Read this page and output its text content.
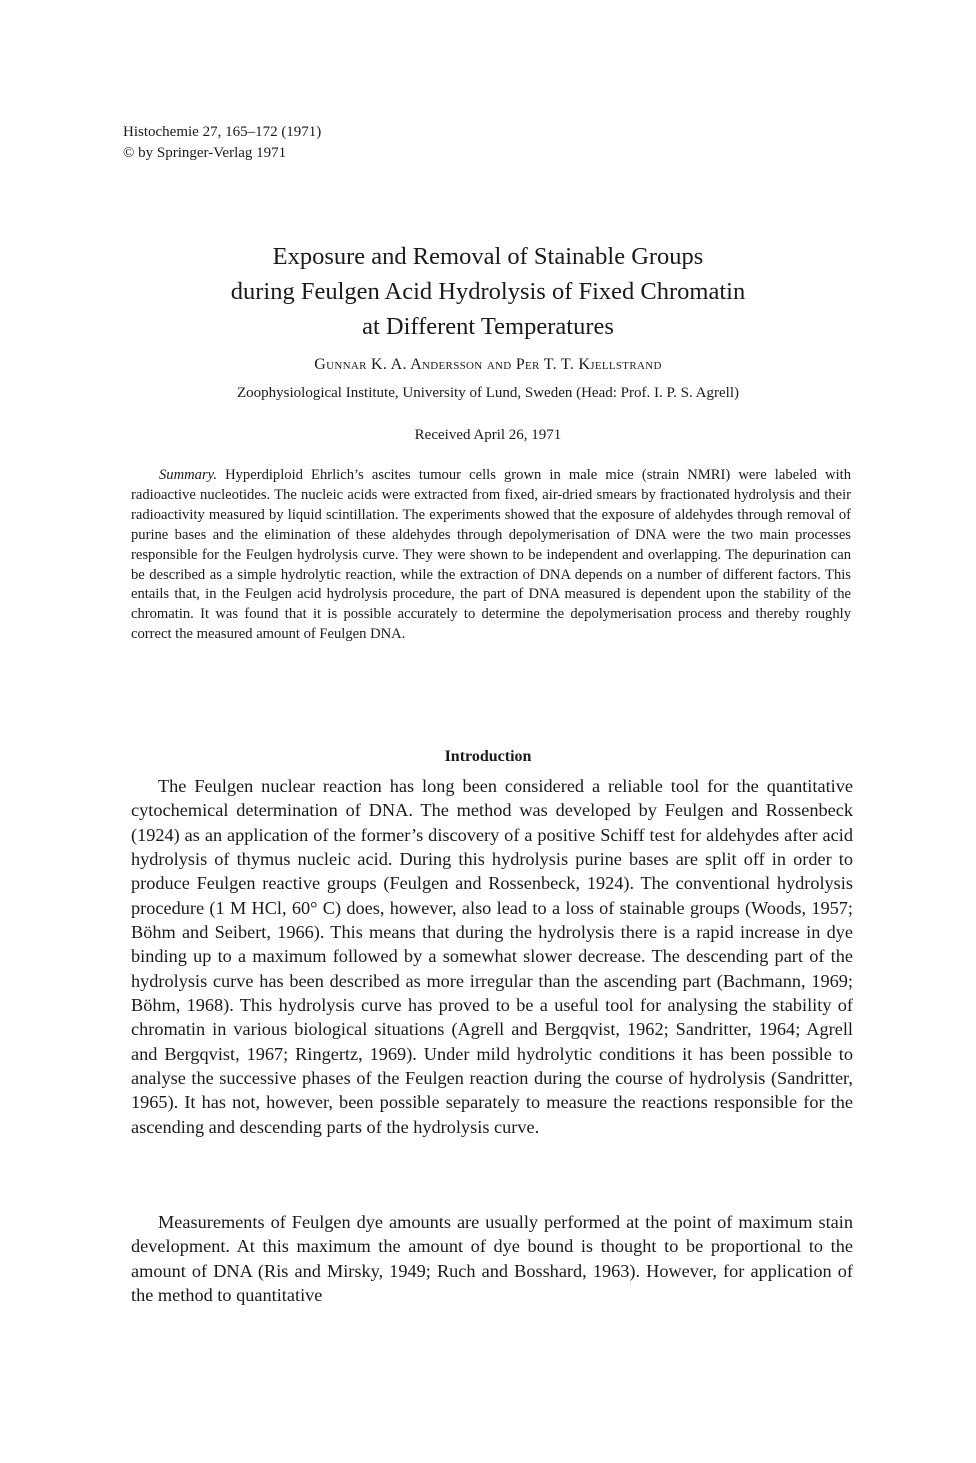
Histochemie 27, 165–172 (1971)
© by Springer-Verlag 1971
Exposure and Removal of Stainable Groups
during Feulgen Acid Hydrolysis of Fixed Chromatin
at Different Temperatures
Gunnar K. A. Andersson and Per T. T. Kjellstrand
Zoophysiological Institute, University of Lund, Sweden (Head: Prof. I. P. S. Agrell)
Received April 26, 1971

Summary. Hyperdiploid Ehrlich’s ascites tumour cells grown in male mice (strain NMRI) were labeled with radioactive nucleotides. The nucleic acids were extracted from fixed, air-dried smears by fractionated hydrolysis and their radioactivity measured by liquid scintillation. The experiments showed that the exposure of aldehydes through removal of purine bases and the elimination of these aldehydes through depolymerisation of DNA were the two main processes responsible for the Feulgen hydrolysis curve. They were shown to be independent and overlapping. The depurination can be described as a simple hydrolytic reaction, while the extraction of DNA depends on a number of different factors. This entails that, in the Feulgen acid hydrolysis procedure, the part of DNA measured is dependent upon the stability of the chromatin. It was found that it is possible accurately to determine the depolymerisation process and thereby roughly correct the measured amount of Feulgen DNA.

Introduction

The Feulgen nuclear reaction has long been considered a reliable tool for the quantitative cytochemical determination of DNA. The method was developed by Feulgen and Rossenbeck (1924) as an application of the former’s discovery of a positive Schiff test for aldehydes after acid hydrolysis of thymus nucleic acid. During this hydrolysis purine bases are split off in order to produce Feulgen reactive groups (Feulgen and Rossenbeck, 1924). The conventional hydrolysis procedure (1 M HCl, 60° C) does, however, also lead to a loss of stainable groups (Woods, 1957; Böhm and Seibert, 1966). This means that during the hydrolysis there is a rapid increase in dye binding up to a maximum followed by a somewhat slower decrease. The descending part of the hydrolysis curve has been described as more irregular than the ascending part (Bachmann, 1969; Böhm, 1968). This hydrolysis curve has proved to be a useful tool for analysing the stability of chromatin in various biological situations (Agrell and Bergqvist, 1962; Sandritter, 1964; Agrell and Bergqvist, 1967; Ringertz, 1969). Under mild hydrolytic conditions it has been possible to analyse the successive phases of the Feulgen reaction during the course of hydrolysis (Sandritter, 1965). It has not, however, been possible separately to measure the reactions responsible for the ascending and descending parts of the hydrolysis curve.

Measurements of Feulgen dye amounts are usually performed at the point of maximum stain development. At this maximum the amount of dye bound is thought to be proportional to the amount of DNA (Ris and Mirsky, 1949; Ruch and Bosshard, 1963). However, for application of the method to quantitative
